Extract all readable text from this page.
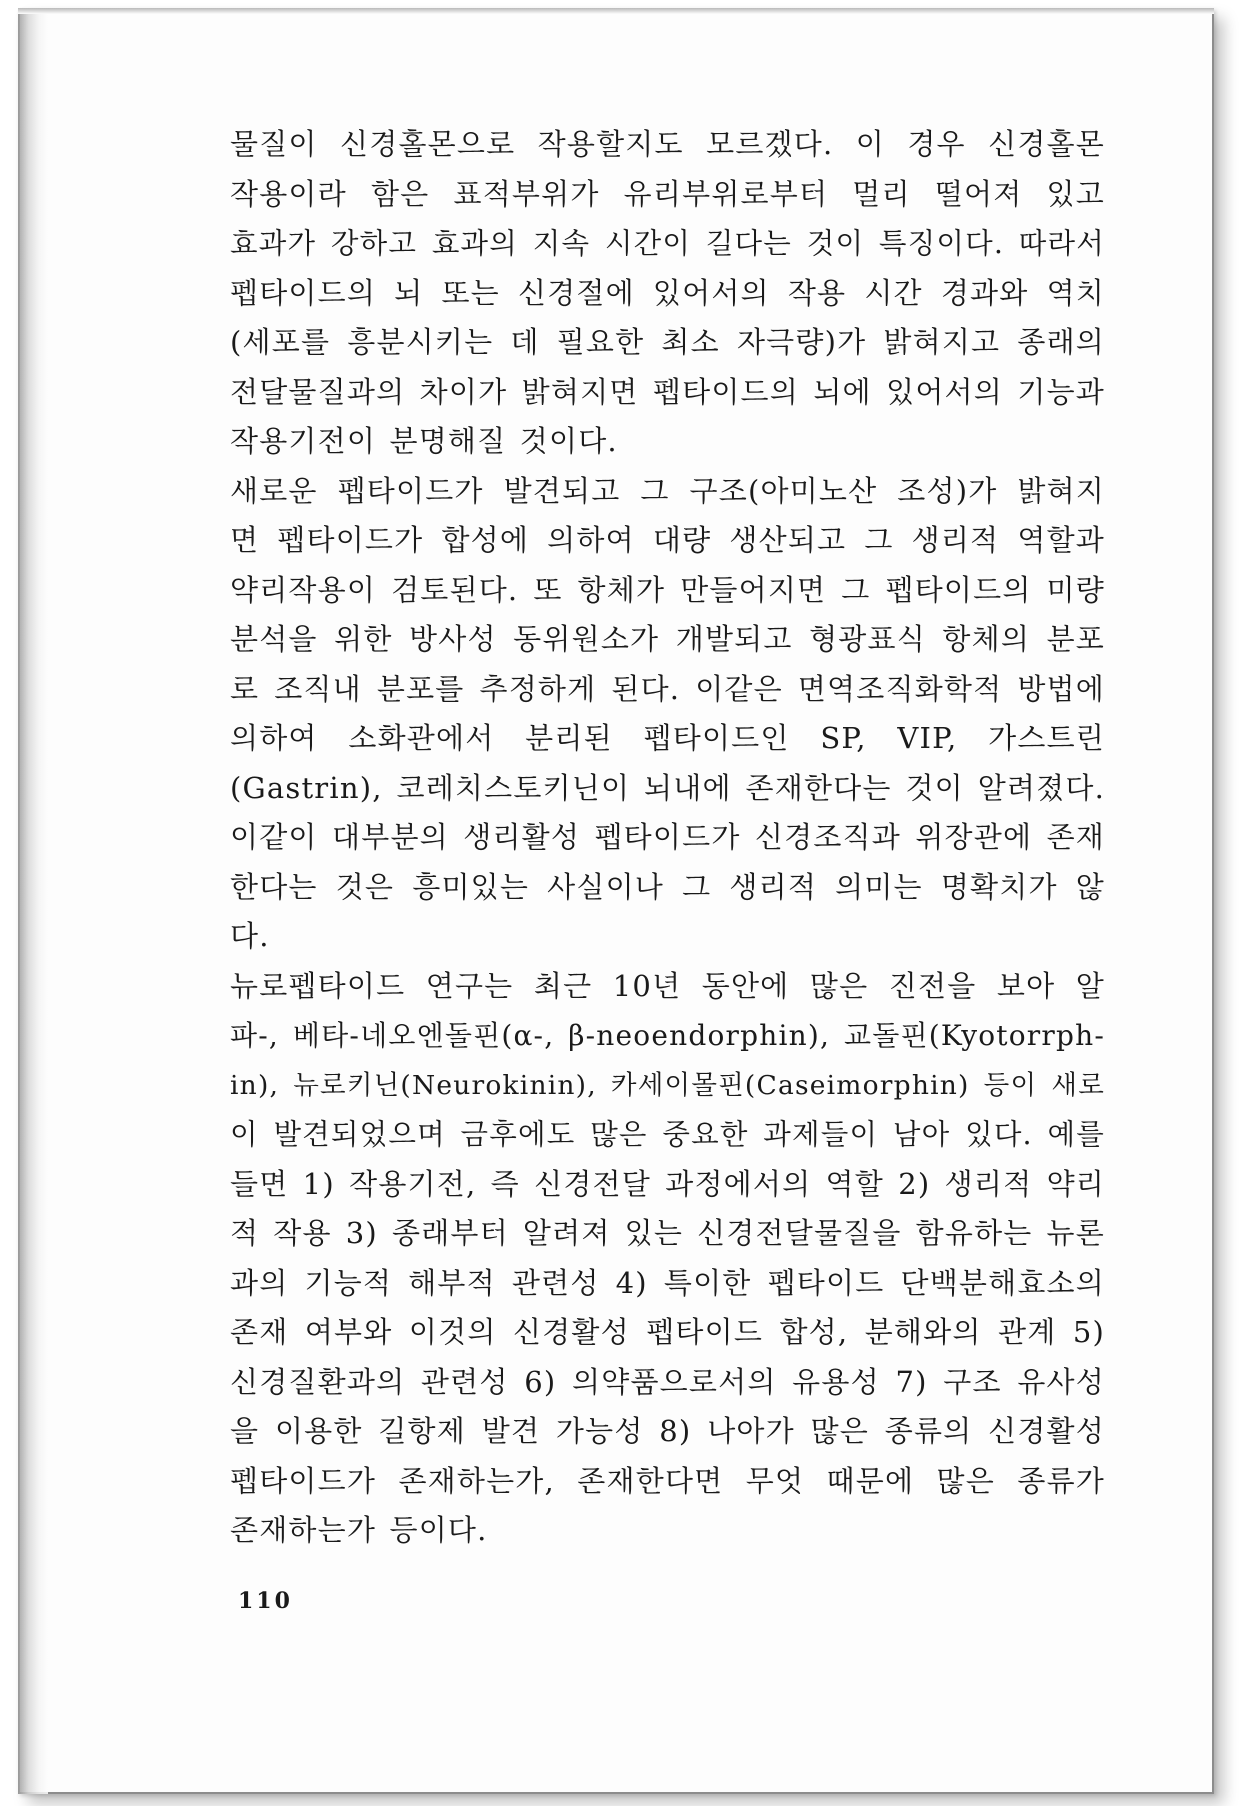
물질이 신경홀몬으로 작용할지도 모르겠다. 이 경우 신경홀몬
작용이라 함은 표적부위가 유리부위로부터 멀리 떨어져 있고
효과가 강하고 효과의 지속 시간이 길다는 것이 특징이다. 따라서
펩타이드의 뇌 또는 신경절에 있어서의 작용 시간 경과와 역치
(세포를 흥분시키는 데 필요한 최소 자극량)가 밝혀지고 종래의
전달물질과의 차이가 밝혀지면 펩타이드의 뇌에 있어서의 기능과
작용기전이 분명해질 것이다.

새로운 펩타이드가 발견되고 그 구조(아미노산 조성)가 밝혀지
면 펩타이드가 합성에 의하여 대량 생산되고 그 생리적 역할과
약리작용이 검토된다. 또 항체가 만들어지면 그 펩타이드의 미량
분석을 위한 방사성 동위원소가 개발되고 형광표식 항체의 분포
로 조직내 분포를 추정하게 된다. 이같은 면역조직화학적 방법에
의하여 소화관에서 분리된 펩타이드인 SP, VIP, 가스트린
(Gastrin), 코레치스토키닌이 뇌내에 존재한다는 것이 알려졌다.
이같이 대부분의 생리활성 펩타이드가 신경조직과 위장관에 존재
한다는 것은 흥미있는 사실이나 그 생리적 의미는 명확치가 않
다.

뉴로펩타이드 연구는 최근 10년 동안에 많은 진전을 보아 알
파-, 베타-네오엔돌핀(α-, β-neoendorphin), 교돌핀(Kyotorrph-
in), 뉴로키닌(Neurokinin), 카세이몰핀(Caseimorphin) 등이 새로
이 발견되었으며 금후에도 많은 중요한 과제들이 남아 있다. 예를
들면 1) 작용기전, 즉 신경전달 과정에서의 역할 2) 생리적 약리
적 작용 3) 종래부터 알려져 있는 신경전달물질을 함유하는 뉴론
과의 기능적 해부적 관련성 4) 특이한 펩타이드 단백분해효소의
존재 여부와 이것의 신경활성 펩타이드 합성, 분해와의 관계 5)
신경질환과의 관련성 6) 의약품으로서의 유용성 7) 구조 유사성
을 이용한 길항제 발견 가능성 8) 나아가 많은 종류의 신경활성
펩타이드가 존재하는가, 존재한다면 무엇 때문에 많은 종류가
존재하는가 등이다.

110
